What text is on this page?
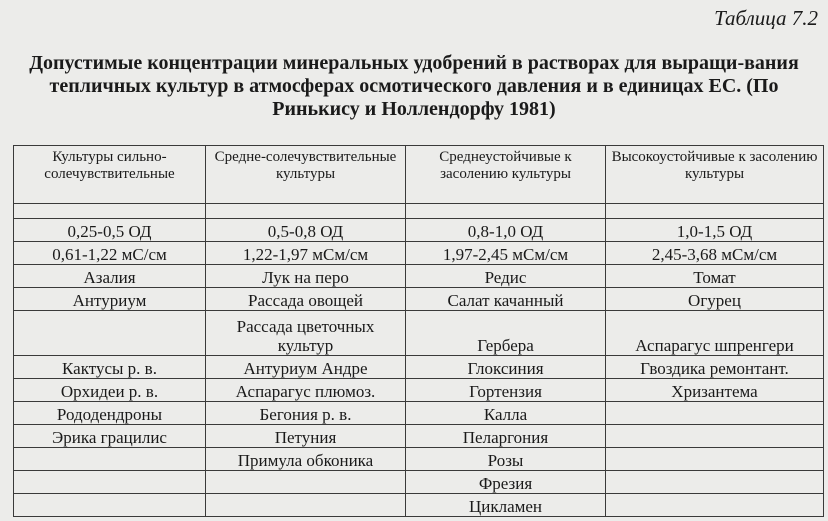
Таблица 7.2

Допустимые концентрации минеральных удобрений в растворах для выращи-вания тепличных культур в атмосферах осмотического давления и в единицах ЕС. (По Ринькису и Ноллендорфу 1981)

Культуры сильно-солечувствительные	Средне-солечувствительные культуры	Среднеустойчивые к засолению культуры	Высокоустойчивые к засолению культуры

0,25-0,5 ОД	0,5-0,8 ОД	0,8-1,0 ОД	1,0-1,5 ОД
0,61-1,22 мС/см	1,22-1,97 мСм/см	1,97-2,45 мСм/см	2,45-3,68 мСм/см
Азалия	Лук на перо	Редис	Томат
Антуриум	Рассада овощей	Салат качанный	Огурец
	Рассада цветочных культур	Гербера	Аспарагус шпренгери
Кактусы р. в.	Антуриум Андре	Глоксиния	Гвоздика ремонтант.
Орхидеи р. в.	Аспарагус плюмоз.	Гортензия	Хризантема
Рододендроны	Бегония р. в.	Калла	
Эрика грацилис	Петуния	Пеларгония	
	Примула обконика	Розы	
		Фрезия	
		Цикламен	
